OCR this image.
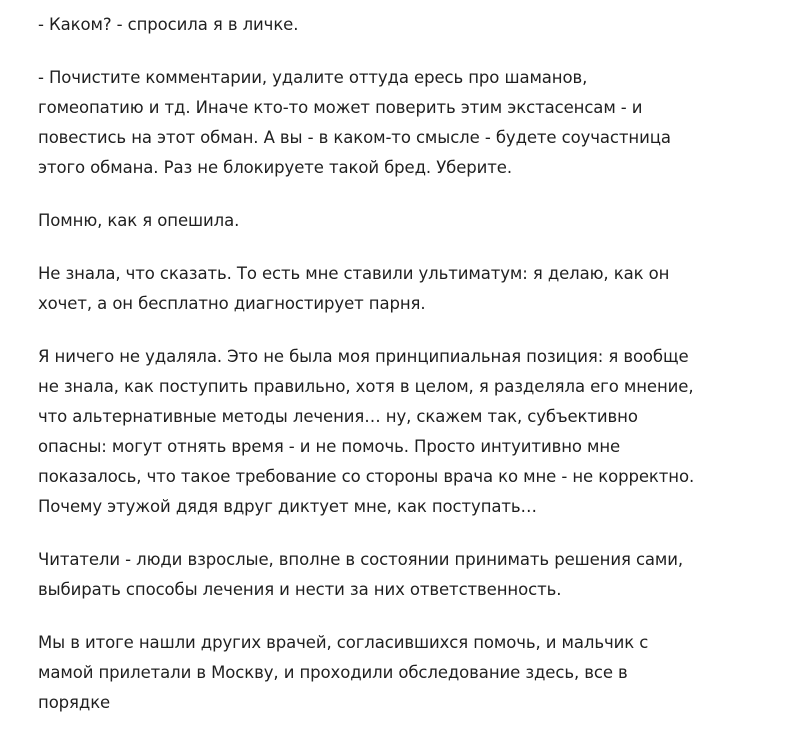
- Каком? - спросила я в личке.

- Почистите комментарии, удалите оттуда ересь про шаманов,
гомеопатию и тд. Иначе кто-то может поверить этим экстасенсам - и
повестись на этот обман. А вы - в каком-то смысле - будете соучастница
этого обмана. Раз не блокируете такой бред. Уберите.

Помню, как я опешила.

Не знала, что сказать. То есть мне ставили ультиматум: я делаю, как он
хочет, а он бесплатно диагностирует парня.

Я ничего не удаляла. Это не была моя принципиальная позиция: я вообще
не знала, как поступить правильно, хотя в целом, я разделяла его мнение,
что альтернативные методы лечения… ну, скажем так, субъективно
опасны: могут отнять время - и не помочь. Просто интуитивно мне
показалось, что такое требование со стороны врача ко мне - не корректно.
Почему этужой дядя вдруг диктует мне, как поступать…

Читатели - люди взрослые, вполне в состоянии принимать решения сами,
выбирать способы лечения и нести за них ответственность.

Мы в итоге нашли других врачей, согласившихся помочь, и мальчик с
мамой прилетали в Москву, и проходили обследование здесь, все в
порядке
